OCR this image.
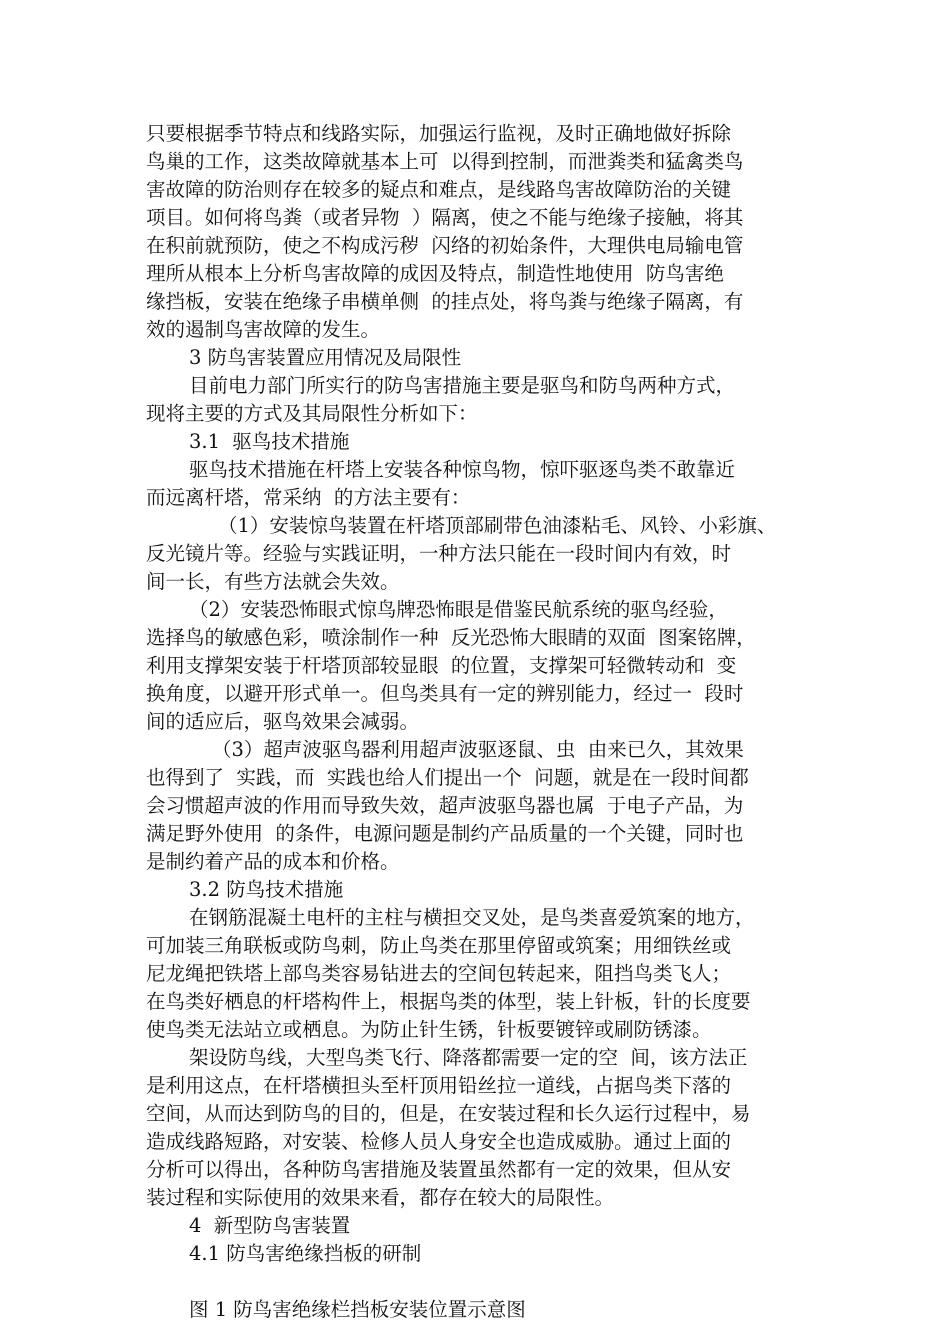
只要根据季节特点和线路实际，加强运行监视，及时正确地做好拆除
鸟巢的工作，这类故障就基本上可  以得到控制，而泄粪类和猛禽类鸟
害故障的防治则存在较多的疑点和难点，是线路鸟害故障防治的关键
项目。如何将鸟粪（或者异物  ）隔离，使之不能与绝缘子接触，将其
在积前就预防，使之不构成污秽  闪络的初始条件，大理供电局输电管
理所从根本上分析鸟害故障的成因及特点，制造性地使用  防鸟害绝
缘挡板，安装在绝缘子串横单侧  的挂点处，将鸟粪与绝缘子隔离，有
效的遏制鸟害故障的发生。
3 防鸟害装置应用情况及局限性
目前电力部门所实行的防鸟害措施主要是驱鸟和防鸟两种方式，
现将主要的方式及其局限性分析如下：
3.1  驱鸟技术措施
驱鸟技术措施在杆塔上安装各种惊鸟物，惊吓驱逐鸟类不敢靠近
而远离杆塔，常采纳  的方法主要有：
（1）安装惊鸟装置在杆塔顶部刷带色油漆粘毛、风铃、小彩旗、
反光镜片等。经验与实践证明，一种方法只能在一段时间内有效，时
间一长，有些方法就会失效。
（2）安装恐怖眼式惊鸟牌恐怖眼是借鉴民航系统的驱鸟经验，
选择鸟的敏感色彩，喷涂制作一种  反光恐怖大眼睛的双面  图案铭牌，
利用支撑架安装于杆塔顶部较显眼  的位置，支撑架可轻微转动和  变
换角度，以避开形式单一。但鸟类具有一定的辨别能力，经过一  段时
间的适应后，驱鸟效果会减弱。
（3）超声波驱鸟器利用超声波驱逐鼠、虫  由来已久，其效果
也得到了  实践，而  实践也给人们提出一个  问题，就是在一段时间都
会习惯超声波的作用而导致失效，超声波驱鸟器也属  于电子产品，为
满足野外使用  的条件，电源问题是制约产品质量的一个关键，同时也
是制约着产品的成本和价格。
3.2 防鸟技术措施
在钢筋混凝土电杆的主柱与横担交叉处，是鸟类喜爱筑案的地方，
可加装三角联板或防鸟刺，防止鸟类在那里停留或筑案；用细铁丝或
尼龙绳把铁塔上部鸟类容易钻进去的空间包转起来，阻挡鸟类飞人；
在鸟类好栖息的杆塔构件上，根据鸟类的体型，装上针板，针的长度要
使鸟类无法站立或栖息。为防止针生锈，针板要镀锌或刷防锈漆。
架设防鸟线，大型鸟类飞行、降落都需要一定的空  间，该方法正
是利用这点，在杆塔横担头至杆顶用铅丝拉一道线，占据鸟类下落的
空间，从而达到防鸟的目的，但是，在安装过程和长久运行过程中，易
造成线路短路，对安装、检修人员人身安全也造成威胁。通过上面的
分析可以得出，各种防鸟害措施及装置虽然都有一定的效果，但从安
装过程和实际使用的效果来看，都存在较大的局限性。
4  新型防鸟害装置
4.1 防鸟害绝缘挡板的研制
图 1 防鸟害绝缘栏挡板安装位置示意图
